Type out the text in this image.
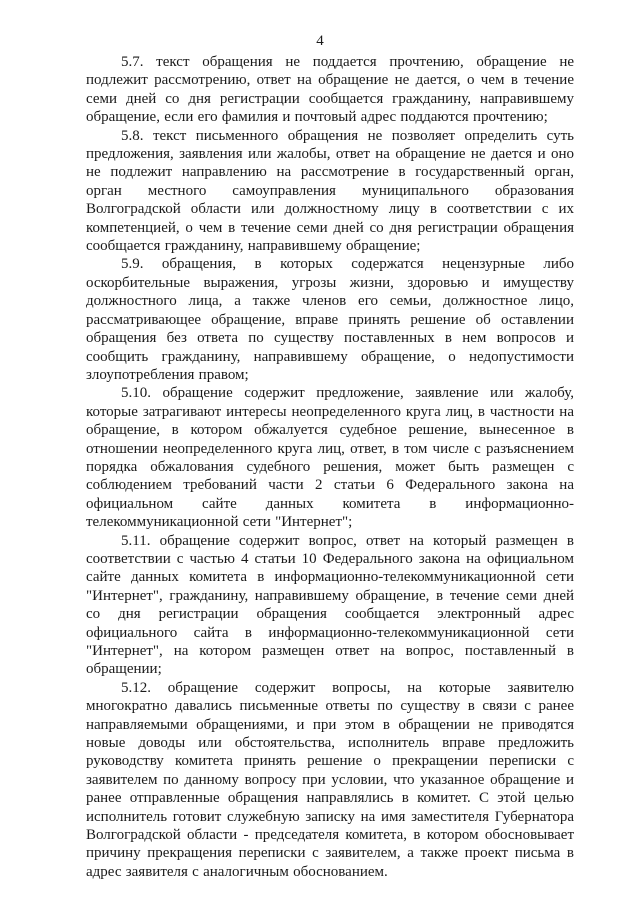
4

5.7. текст обращения не поддается прочтению, обращение не подлежит рассмотрению, ответ на обращение не дается, о чем в течение семи дней со дня регистрации сообщается гражданину, направившему обращение, если его фамилия и почтовый адрес поддаются прочтению;

5.8. текст письменного обращения не позволяет определить суть предложения, заявления или жалобы, ответ на обращение не дается и оно не подлежит направлению на рассмотрение в государственный орган, орган местного самоуправления муниципального образования Волгоградской области или должностному лицу в соответствии с их компетенцией, о чем в течение семи дней со дня регистрации обращения сообщается гражданину, направившему обращение;

5.9. обращения, в которых содержатся нецензурные либо оскорбительные выражения, угрозы жизни, здоровью и имуществу должностного лица, а также членов его семьи, должностное лицо, рассматривающее обращение, вправе принять решение об оставлении обращения без ответа по существу поставленных в нем вопросов и сообщить гражданину, направившему обращение, о недопустимости злоупотребления правом;

5.10. обращение содержит предложение, заявление или жалобу, которые затрагивают интересы неопределенного круга лиц, в частности на обращение, в котором обжалуется судебное решение, вынесенное в отношении неопределенного круга лиц, ответ, в том числе с разъяснением порядка обжалования судебного решения, может быть размещен с соблюдением требований части 2 статьи 6 Федерального закона на официальном сайте данных комитета в информационно-телекоммуникационной сети "Интернет";

5.11. обращение содержит вопрос, ответ на который размещен в соответствии с частью 4 статьи 10 Федерального закона на официальном сайте данных комитета в информационно-телекоммуникационной сети "Интернет", гражданину, направившему обращение, в течение семи дней со дня регистрации обращения сообщается электронный адрес официального сайта в информационно-телекоммуникационной сети "Интернет", на котором размещен ответ на вопрос, поставленный в обращении;

5.12. обращение содержит вопросы, на которые заявителю многократно давались письменные ответы по существу в связи с ранее направляемыми обращениями, и при этом в обращении не приводятся новые доводы или обстоятельства, исполнитель вправе предложить руководству комитета принять решение о прекращении переписки с заявителем по данному вопросу при условии, что указанное обращение и ранее отправленные обращения направлялись в комитет. С этой целью исполнитель готовит служебную записку на имя заместителя Губернатора Волгоградской области - председателя комитета, в котором обосновывает причину прекращения переписки с заявителем, а также проект письма в адрес заявителя с аналогичным обоснованием.
